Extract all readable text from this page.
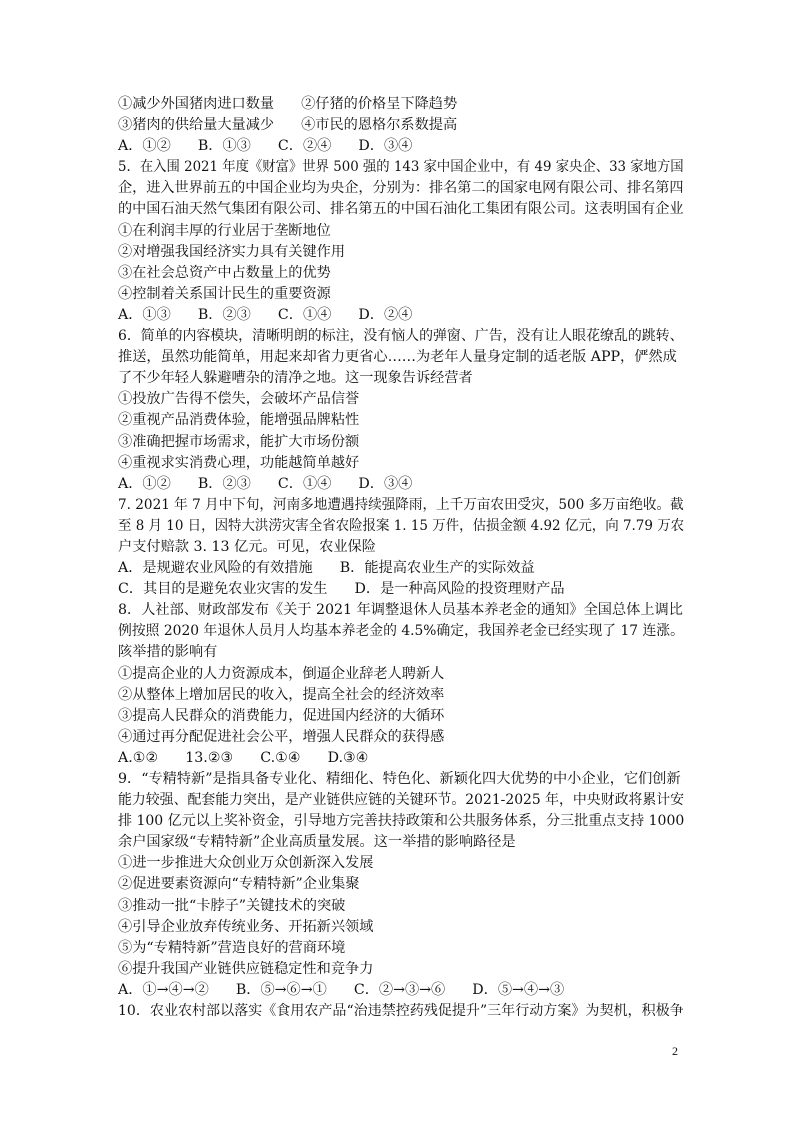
①减少外国猪肉进口数量      ②仔猪的价格呈下降趋势
③猪肉的供给量大量减少      ④市民的恩格尔系数提高
A．①②      B．①③      C．②④      D．③④
5．在入围 2021 年度《财富》世界 500 强的 143 家中国企业中，有 49 家央企、33 家地方国
企，进入世界前五的中国企业均为央企，分别为：排名第二的国家电网有限公司、排名第四
的中国石油天然气集团有限公司、排名第五的中国石油化工集团有限公司。这表明国有企业
①在利润丰厚的行业居于垄断地位
②对增强我国经济实力具有关键作用
③在社会总资产中占数量上的优势
④控制着关系国计民生的重要资源
A．①③      B．②③      C．①④      D．②④
6．简单的内容模块，清晰明朗的标注，没有恼人的弹窗、广告，没有让人眼花缭乱的跳转、
推送，虽然功能简单，用起来却省力更省心……为老年人量身定制的适老版 APP，俨然成
了不少年轻人躲避嘈杂的清净之地。这一现象告诉经营者
①投放广告得不偿失，会破坏产品信誉
②重视产品消费体验，能增强品牌粘性
③准确把握市场需求，能扩大市场份额
④重视求实消费心理，功能越简单越好
A．①②      B．②③      C．①④      D．③④
7. 2021 年 7 月中下旬，河南多地遭遇持续强降雨，上千万亩农田受灾，500 多万亩绝收。截
至 8 月 10 日，因特大洪涝灾害全省农险报案 1. 15 万件，估损金额 4.92 亿元，向 7.79 万农
户支付赔款 3. 13 亿元。可见，农业保险
A．是规避农业风险的有效措施      B．能提高农业生产的实际效益
C．其目的是避免农业灾害的发生      D．是一种高风险的投资理财产品
8．人社部、财政部发布《关于 2021 年调整退休人员基本养老金的通知》全国总体上调比
例按照 2020 年退休人员月人均基本养老金的 4.5%确定，我国养老金已经实现了 17 连涨。
陔举措的影响有
①提高企业的人力资源成本，倒逼企业辞老人聘新人
②从整体上增加居民的收入，提高全社会的经济效率
③提高人民群众的消费能力，促进国内经济的大循环
④通过再分配促进社会公平，增强人民群众的获得感
A.①②      13.②③      C.①④      D.③④
9．“专精特新”是指具备专业化、精细化、特色化、新颖化四大优势的中小企业，它们创新
能力较强、配套能力突出，是产业链供应链的关键环节。2021-2025 年，中央财政将累计安
排 100 亿元以上奖补资金，引导地方完善扶持政策和公共服务体系，分三批重点支持 1000
余户国家级“专精特新”企业高质量发展。这一举措的影响路径是
①进一步推进大众创业万众创新深入发展
②促进要素资源向“专精特新”企业集聚
③推动一批“卡脖子”关键技术的突破
④引导企业放弃传统业务、开拓新兴领域
⑤为“专精特新”营造良好的营商环境
⑥提升我国产业链供应链稳定性和竞争力
A．①→④→②      B．⑤→⑥→①      C．②→③→⑥      D．⑤→④→③
10．农业农村部以落实《食用农产品“治违禁控药残促提升”三年行动方案》为契机，积极争
2
